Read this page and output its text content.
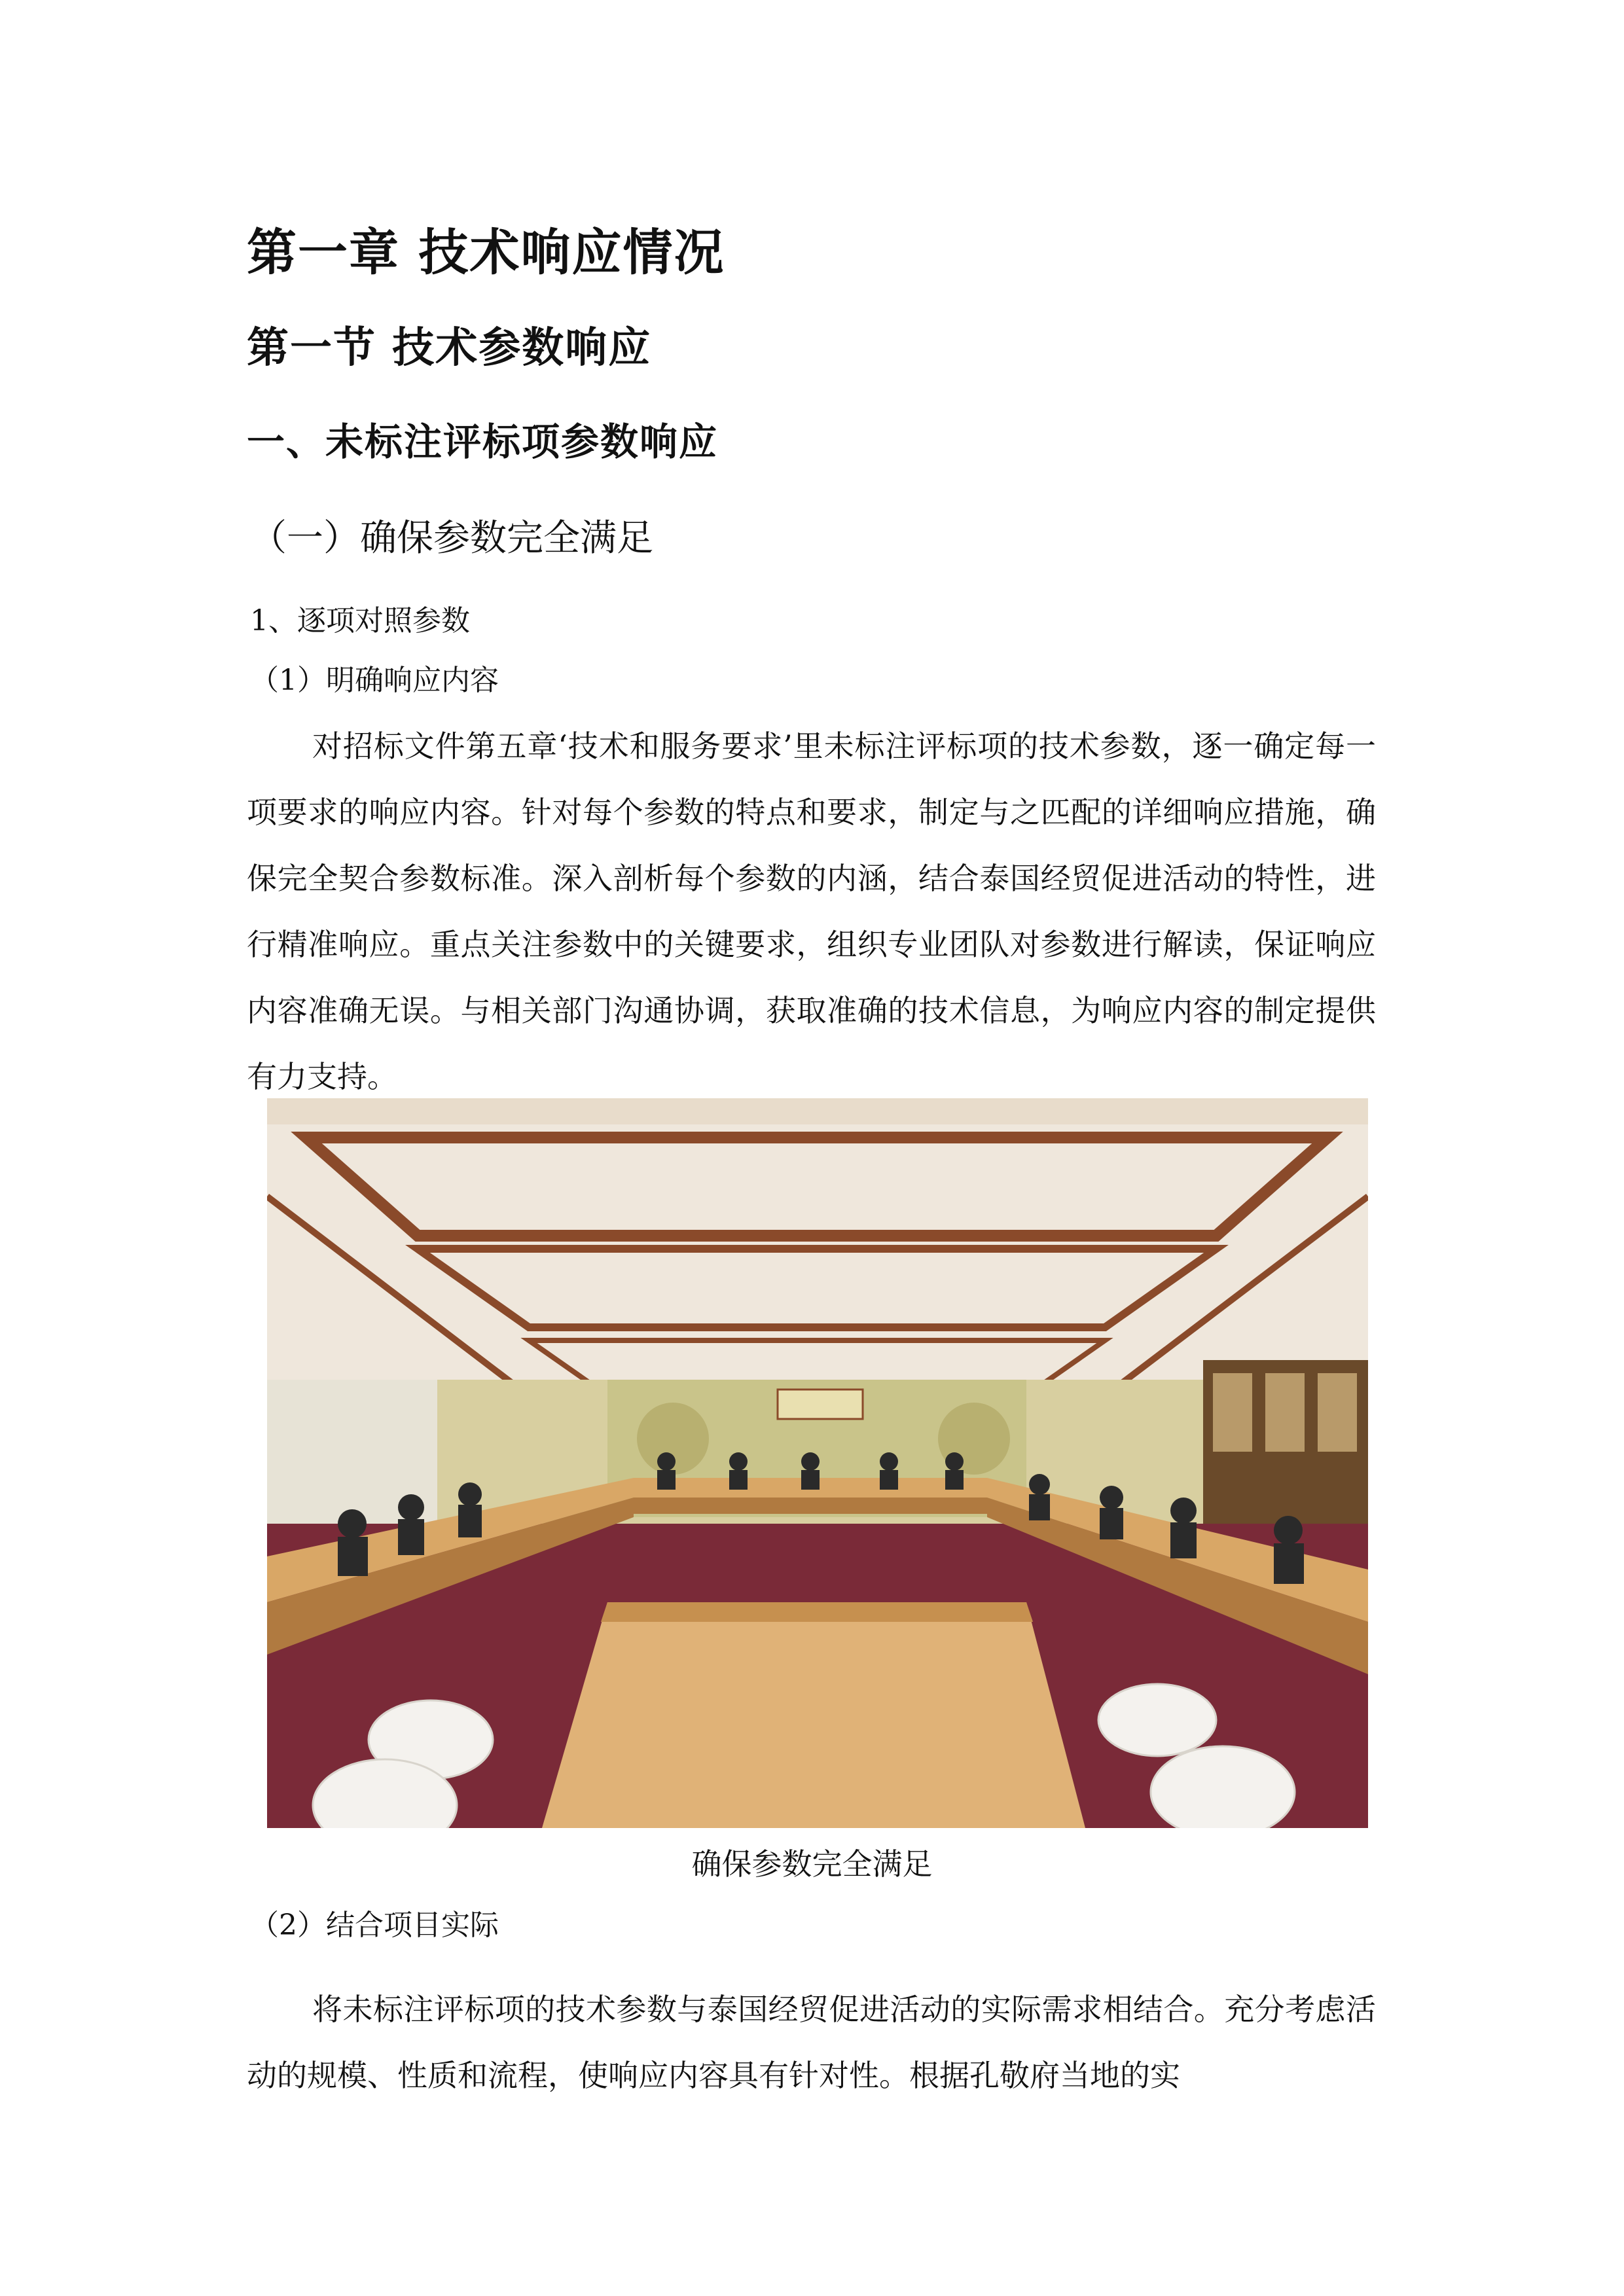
第一章 技术响应情况
第一节 技术参数响应
一、未标注评标项参数响应
（一）确保参数完全满足
1、逐项对照参数
（1）明确响应内容

对招标文件第五章‘技术和服务要求’里未标注评标项的技术参数，逐一确定每一项要求的响应内容。针对每个参数的特点和要求，制定与之匹配的详细响应措施，确保完全契合参数标准。深入剖析每个参数的内涵，结合泰国经贸促进活动的特性，进行精准响应。重点关注参数中的关键要求，组织专业团队对参数进行解读，保证响应内容准确无误。与相关部门沟通协调，获取准确的技术信息，为响应内容的制定提供有力支持。

确保参数完全满足
（2）结合项目实际

将未标注评标项的技术参数与泰国经贸促进活动的实际需求相结合。充分考虑活动的规模、性质和流程，使响应内容具有针对性。根据孔敬府当地的实
